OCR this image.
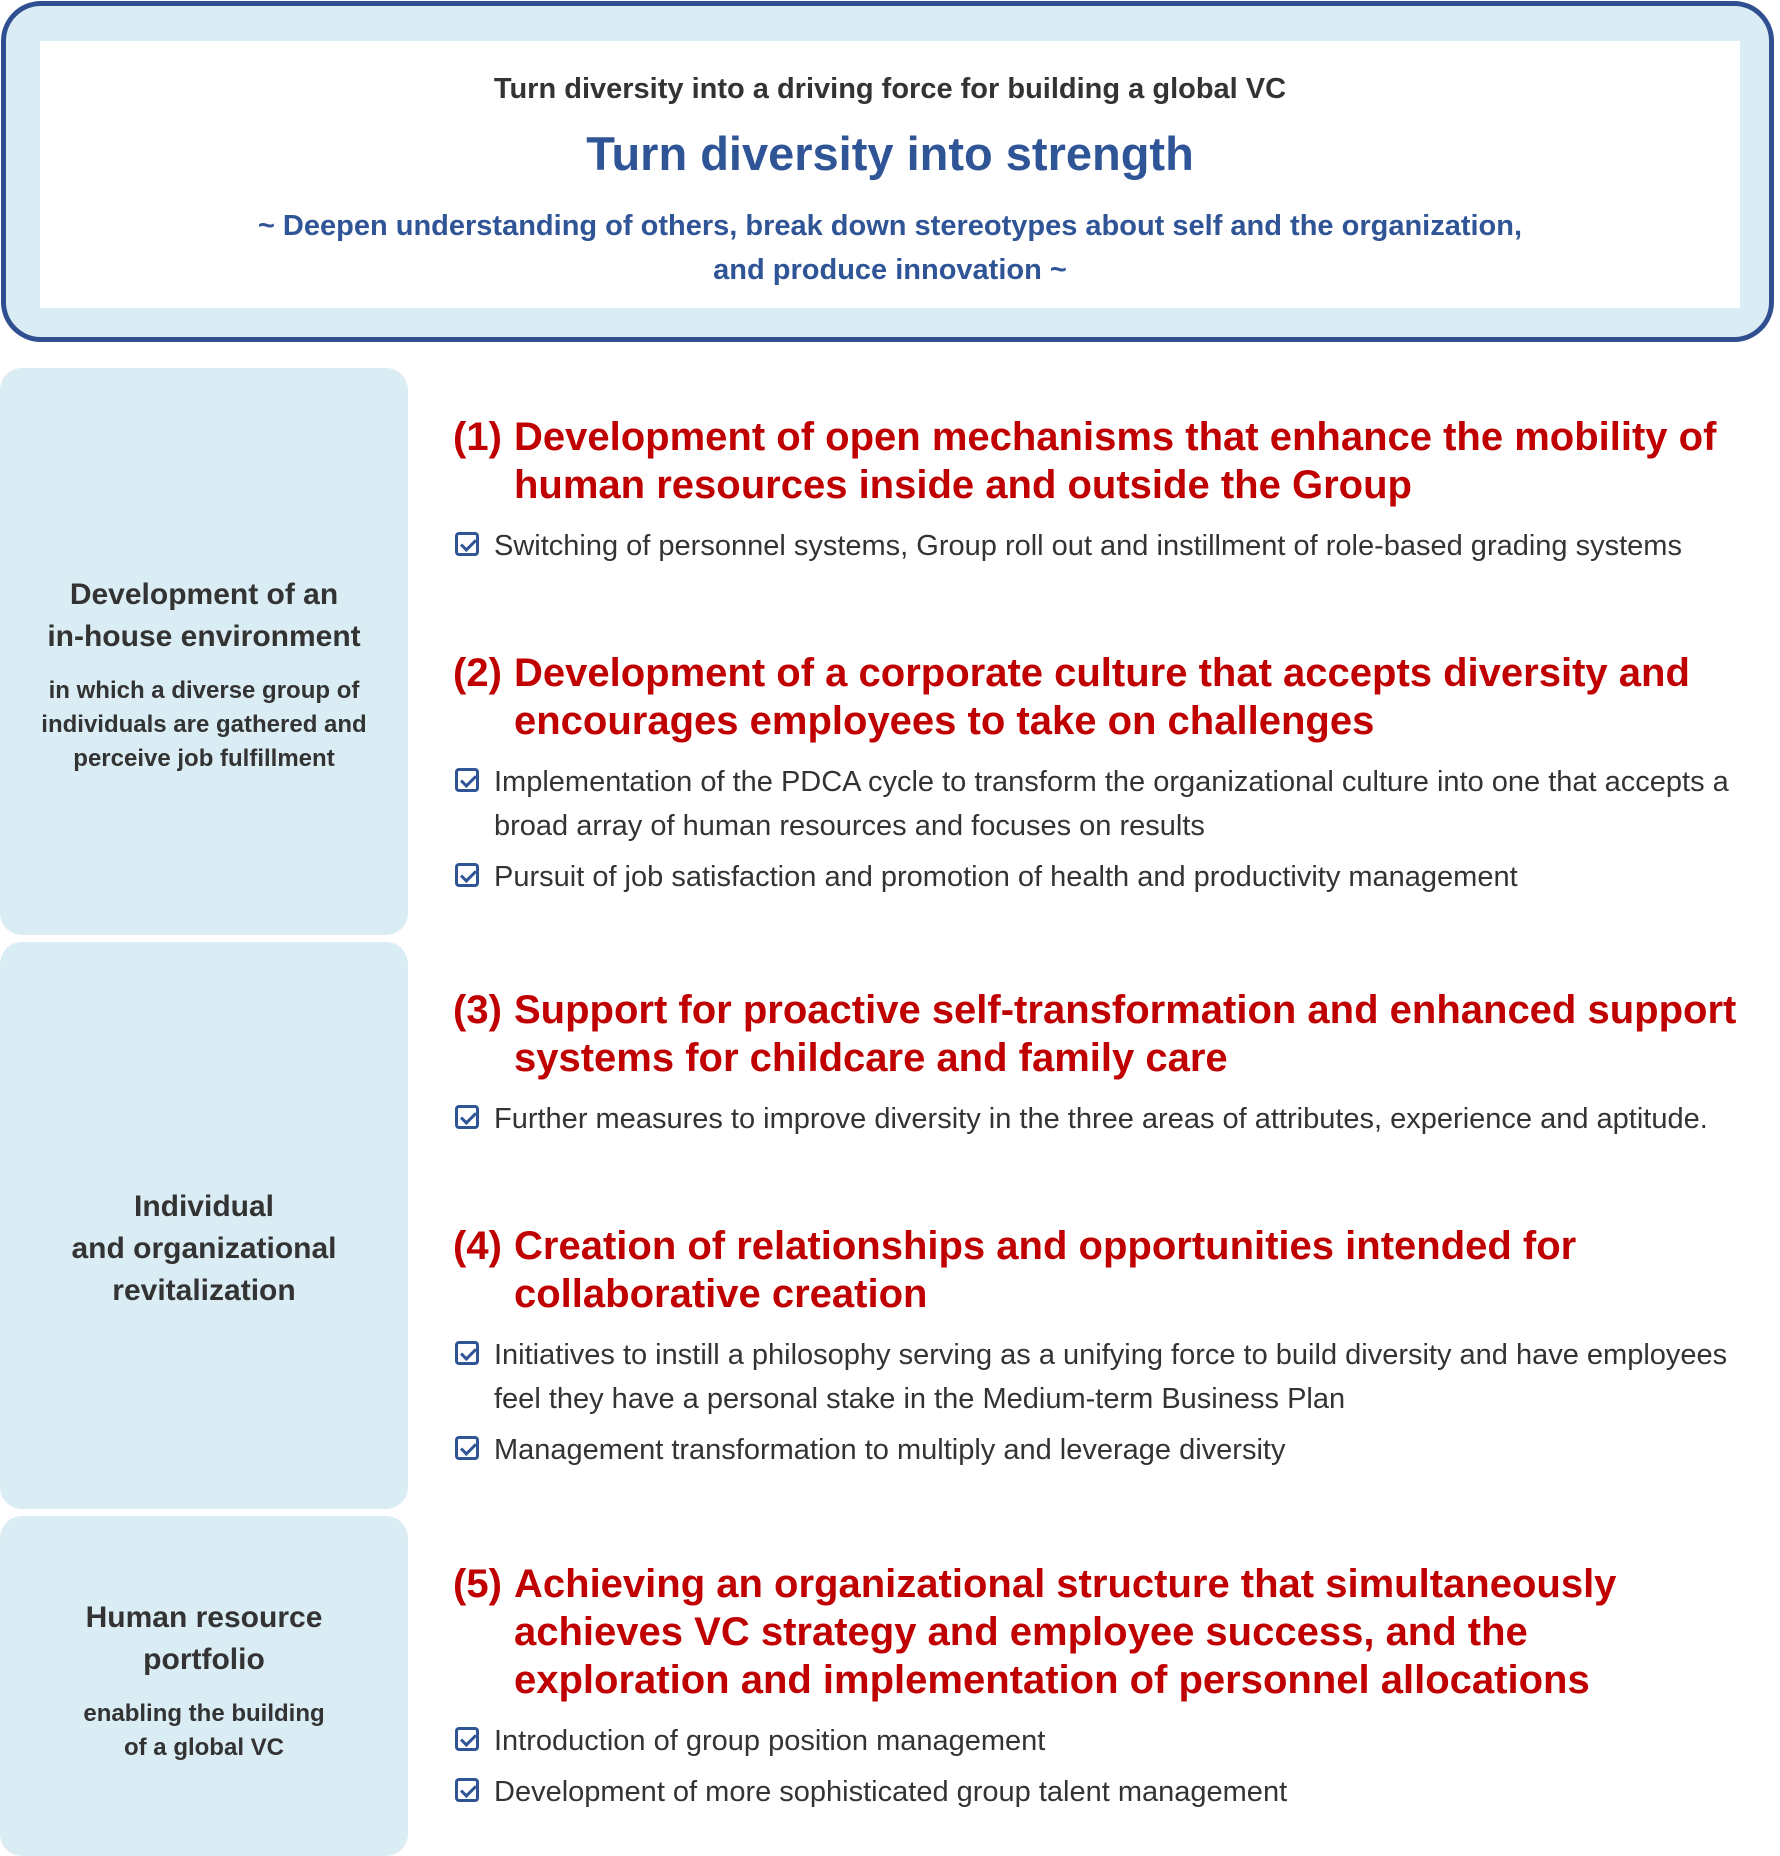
Turn diversity into a driving force for building a global VC
Turn diversity into strength
~ Deepen understanding of others, break down stereotypes about self and the organization,
and produce innovation ~
Development of an
in-house environment
in which a diverse group of
individuals are gathered and
perceive job fulfillment
Individual
and organizational
revitalization
Human resource
portfolio
enabling the building
of a global VC
(1) Development of open mechanisms that enhance the mobility of human resources inside and outside the Group
Switching of personnel systems, Group roll out and instillment of role-based grading systems
(2) Development of a corporate culture that accepts diversity and encourages employees to take on challenges
Implementation of the PDCA cycle to transform the organizational culture into one that accepts a broad array of human resources and focuses on results
Pursuit of job satisfaction and promotion of health and productivity management
(3) Support for proactive self-transformation and enhanced support systems for childcare and family care
Further measures to improve diversity in the three areas of attributes, experience and aptitude.
(4) Creation of relationships and opportunities intended for collaborative creation
Initiatives to instill a philosophy serving as a unifying force to build diversity and have employees feel they have a personal stake in the Medium-term Business Plan
Management transformation to multiply and leverage diversity
(5) Achieving an organizational structure that simultaneously achieves VC strategy and employee success, and the exploration and implementation of personnel allocations
Introduction of group position management
Development of more sophisticated group talent management
